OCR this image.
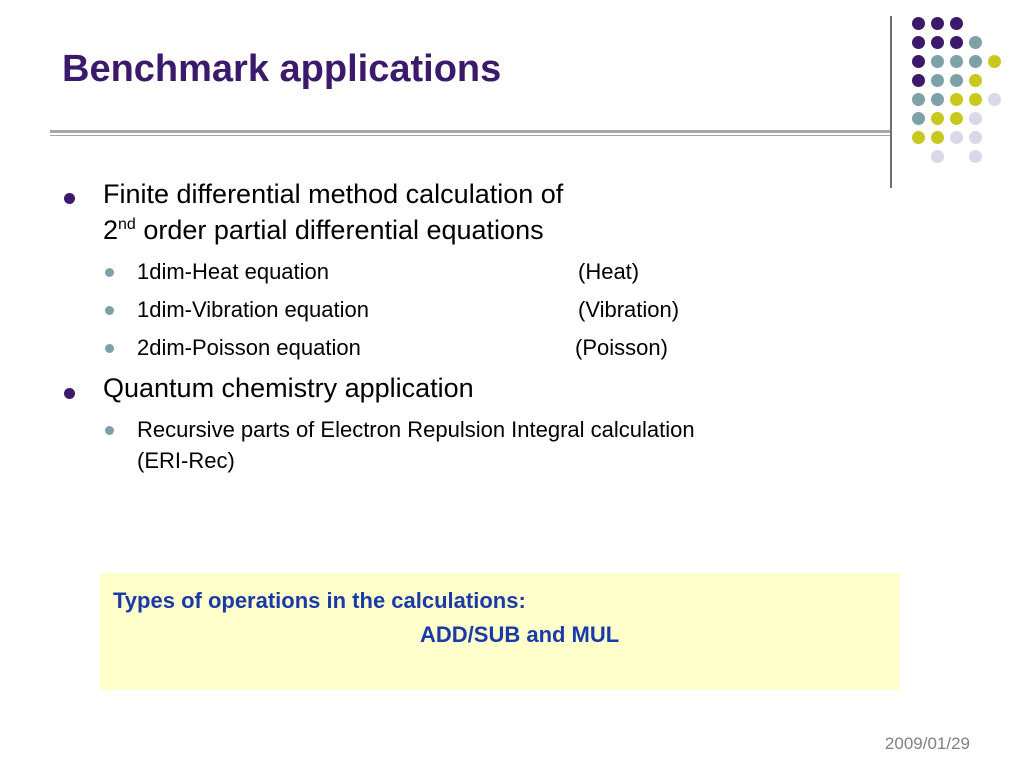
Benchmark applications
Finite differential method calculation of
2nd order partial differential equations
1dim-Heat equation	(Heat)
1dim-Vibration equation	(Vibration)
2dim-Poisson equation	(Poisson)
Quantum chemistry application
Recursive parts of Electron Repulsion Integral calculation
(ERI-Rec)
Types of operations in the calculations:
ADD/SUB and MUL
2009/01/29
